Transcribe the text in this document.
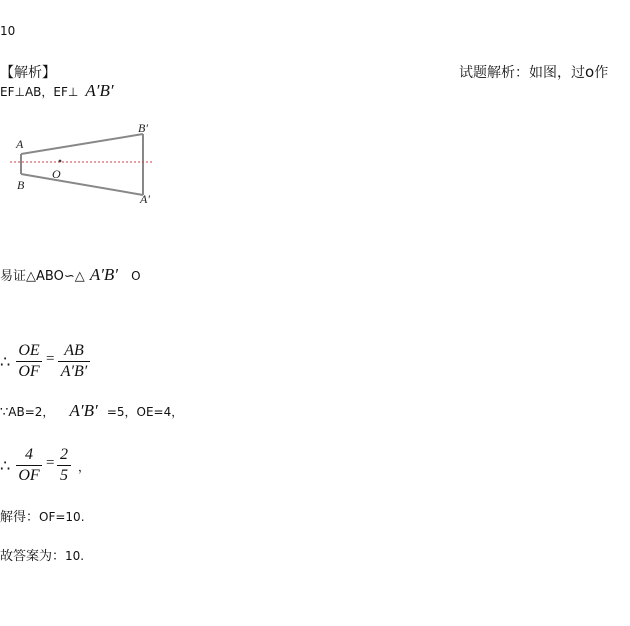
10
【解析】	试题解析：如图，过o作
EF⊥AB，EF⊥ A′B′
A
B
O
B′
A′
易证△ABO∽△ A′B′ O
∴
OE
OF
= AB
A′B′
∵AB=2， A′B′ =5，OE=4，
∴
4
OF
= 2
5 ，
解得：OF=10.
故答案为：10.
